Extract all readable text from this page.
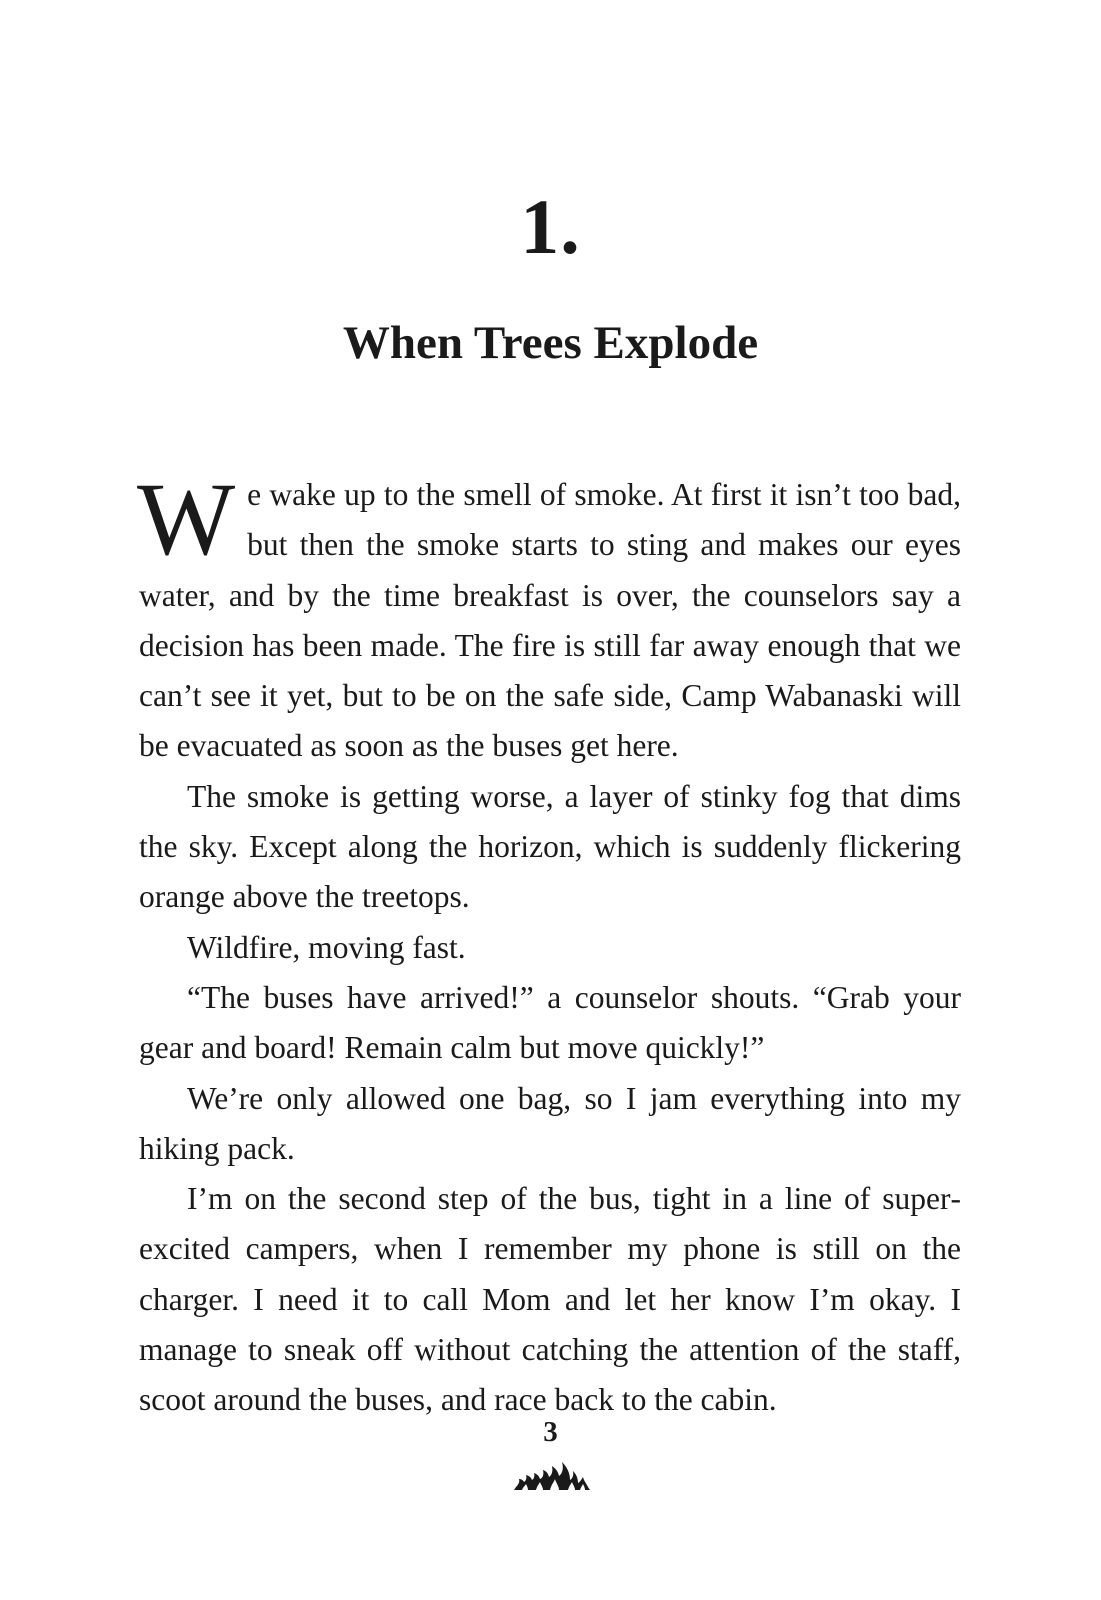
1.
When Trees Explode

We wake up to the smell of smoke. At first it isn’t too bad, but then the smoke starts to sting and makes our eyes water, and by the time breakfast is over, the counselors say a decision has been made. The fire is still far away enough that we can’t see it yet, but to be on the safe side, Camp Wabanaski will be evacuated as soon as the buses get here.

The smoke is getting worse, a layer of stinky fog that dims the sky. Except along the horizon, which is suddenly flickering orange above the treetops.

Wildfire, moving fast.

“The buses have arrived!” a counselor shouts. “Grab your gear and board! Remain calm but move quickly!”

We’re only allowed one bag, so I jam everything into my hiking pack.

I’m on the second step of the bus, tight in a line of superexcited campers, when I remember my phone is still on the charger. I need it to call Mom and let her know I’m okay. I manage to sneak off without catching the attention of the staff, scoot around the buses, and race back to the cabin.

3
